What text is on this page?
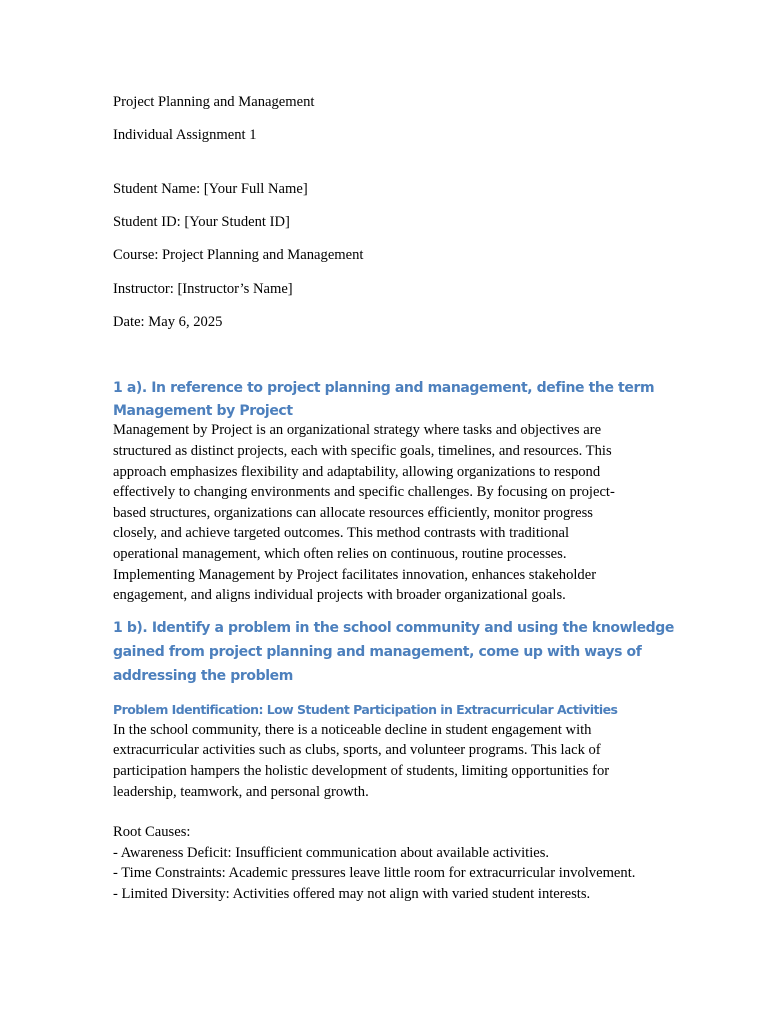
Project Planning and Management

Individual Assignment 1

Student Name: [Your Full Name]

Student ID: [Your Student ID]

Course: Project Planning and Management

Instructor: [Instructor’s Name]

Date: May 6, 2025

1 a). In reference to project planning and management, define the term

Management by Project

Management by Project is an organizational strategy where tasks and objectives are

structured as distinct projects, each with specific goals, timelines, and resources. This

approach emphasizes flexibility and adaptability, allowing organizations to respond

effectively to changing environments and specific challenges. By focusing on project-

based structures, organizations can allocate resources efficiently, monitor progress

closely, and achieve targeted outcomes. This method contrasts with traditional

operational management, which often relies on continuous, routine processes.

Implementing Management by Project facilitates innovation, enhances stakeholder

engagement, and aligns individual projects with broader organizational goals.

1 b). Identify a problem in the school community and using the knowledge

gained from project planning and management, come up with ways of

addressing the problem

Problem Identification: Low Student Participation in Extracurricular Activities

In the school community, there is a noticeable decline in student engagement with

extracurricular activities such as clubs, sports, and volunteer programs. This lack of

participation hampers the holistic development of students, limiting opportunities for

leadership, teamwork, and personal growth.

Root Causes:

- Awareness Deficit: Insufficient communication about available activities.

- Time Constraints: Academic pressures leave little room for extracurricular involvement.

- Limited Diversity: Activities offered may not align with varied student interests.
